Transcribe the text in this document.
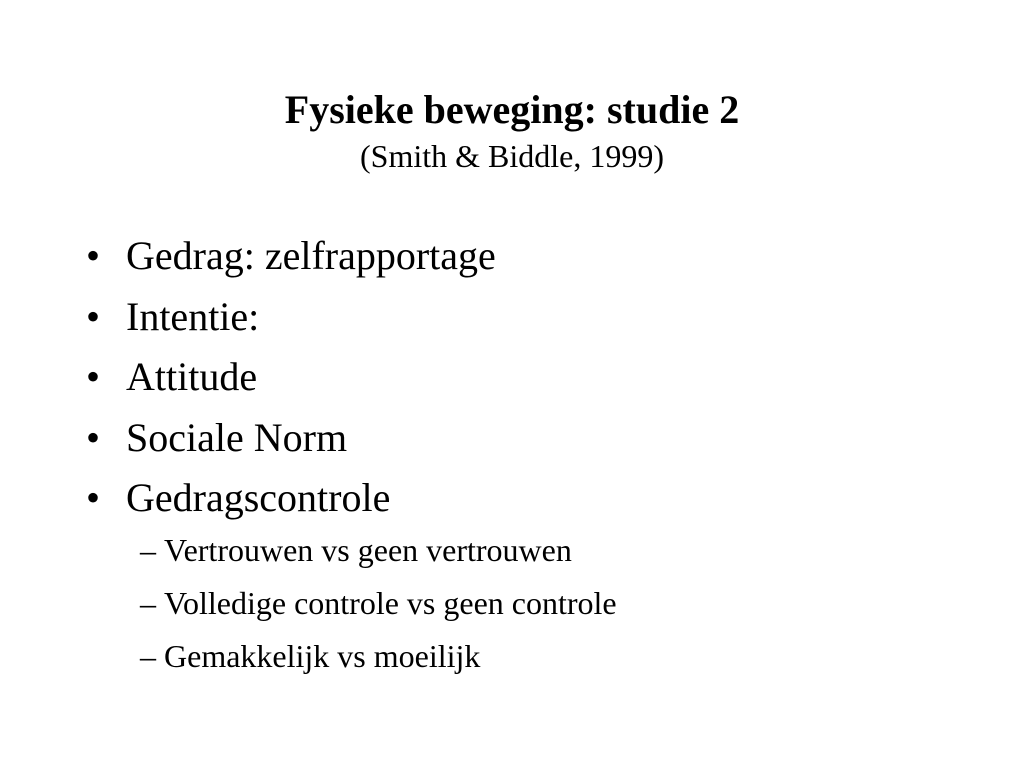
Fysieke beweging: studie 2
(Smith & Biddle, 1999)
• Gedrag: zelfrapportage
• Intentie:
• Attitude
• Sociale Norm
• Gedragscontrole
– Vertrouwen vs geen vertrouwen
– Volledige controle vs geen controle
– Gemakkelijk vs moeilijk
